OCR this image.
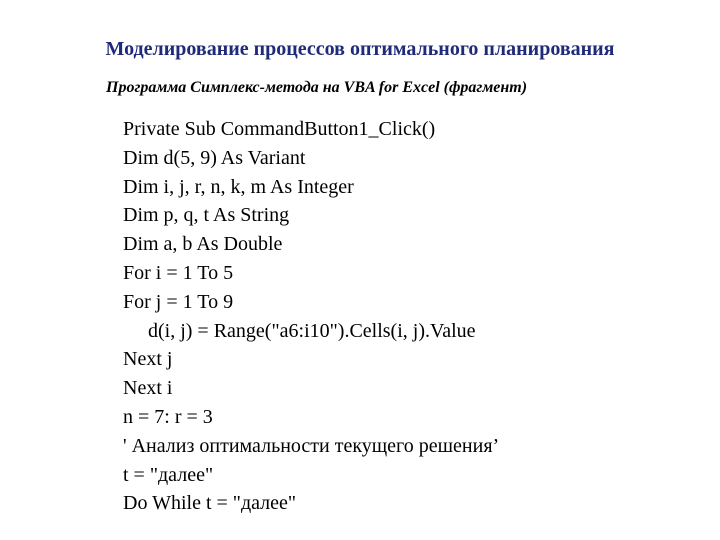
Моделирование процессов оптимального планирования
Программа Симплекс-метода на VBA for Excel (фрагмент)
Private Sub CommandButton1_Click()
Dim d(5, 9) As Variant
Dim i, j, r, n, k, m As Integer
Dim p, q, t As String
Dim a, b As Double
For i = 1 To 5
For j = 1 To 9
d(i, j) = Range("a6:i10").Cells(i, j).Value
Next j
Next i
n = 7: r = 3
' Анализ оптимальности текущего решения’
t = "далее"
Do While t = "далее"
